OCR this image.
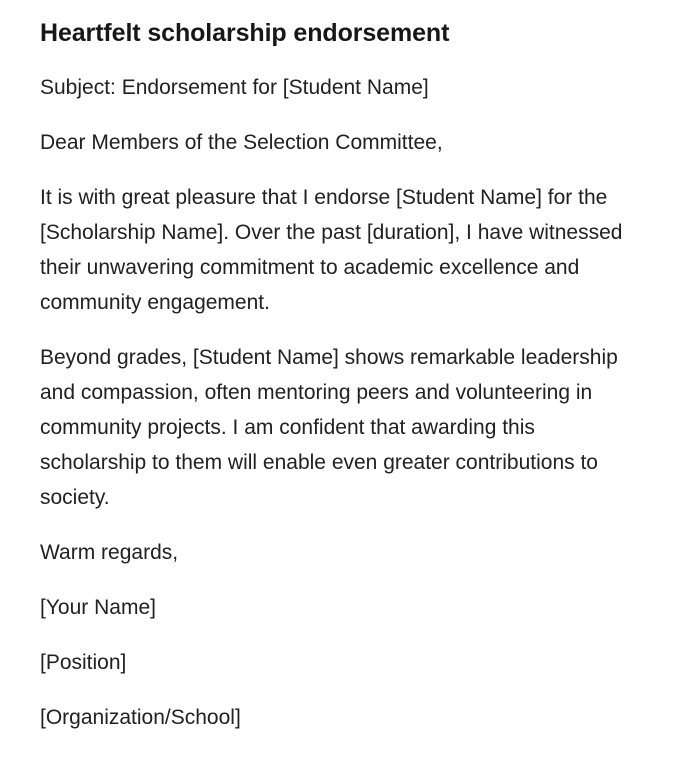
Heartfelt scholarship endorsement

Subject: Endorsement for [Student Name]

Dear Members of the Selection Committee,

It is with great pleasure that I endorse [Student Name] for the [Scholarship Name]. Over the past [duration], I have witnessed their unwavering commitment to academic excellence and community engagement.

Beyond grades, [Student Name] shows remarkable leadership and compassion, often mentoring peers and volunteering in community projects. I am confident that awarding this scholarship to them will enable even greater contributions to society.

Warm regards,

[Your Name]

[Position]

[Organization/School]
